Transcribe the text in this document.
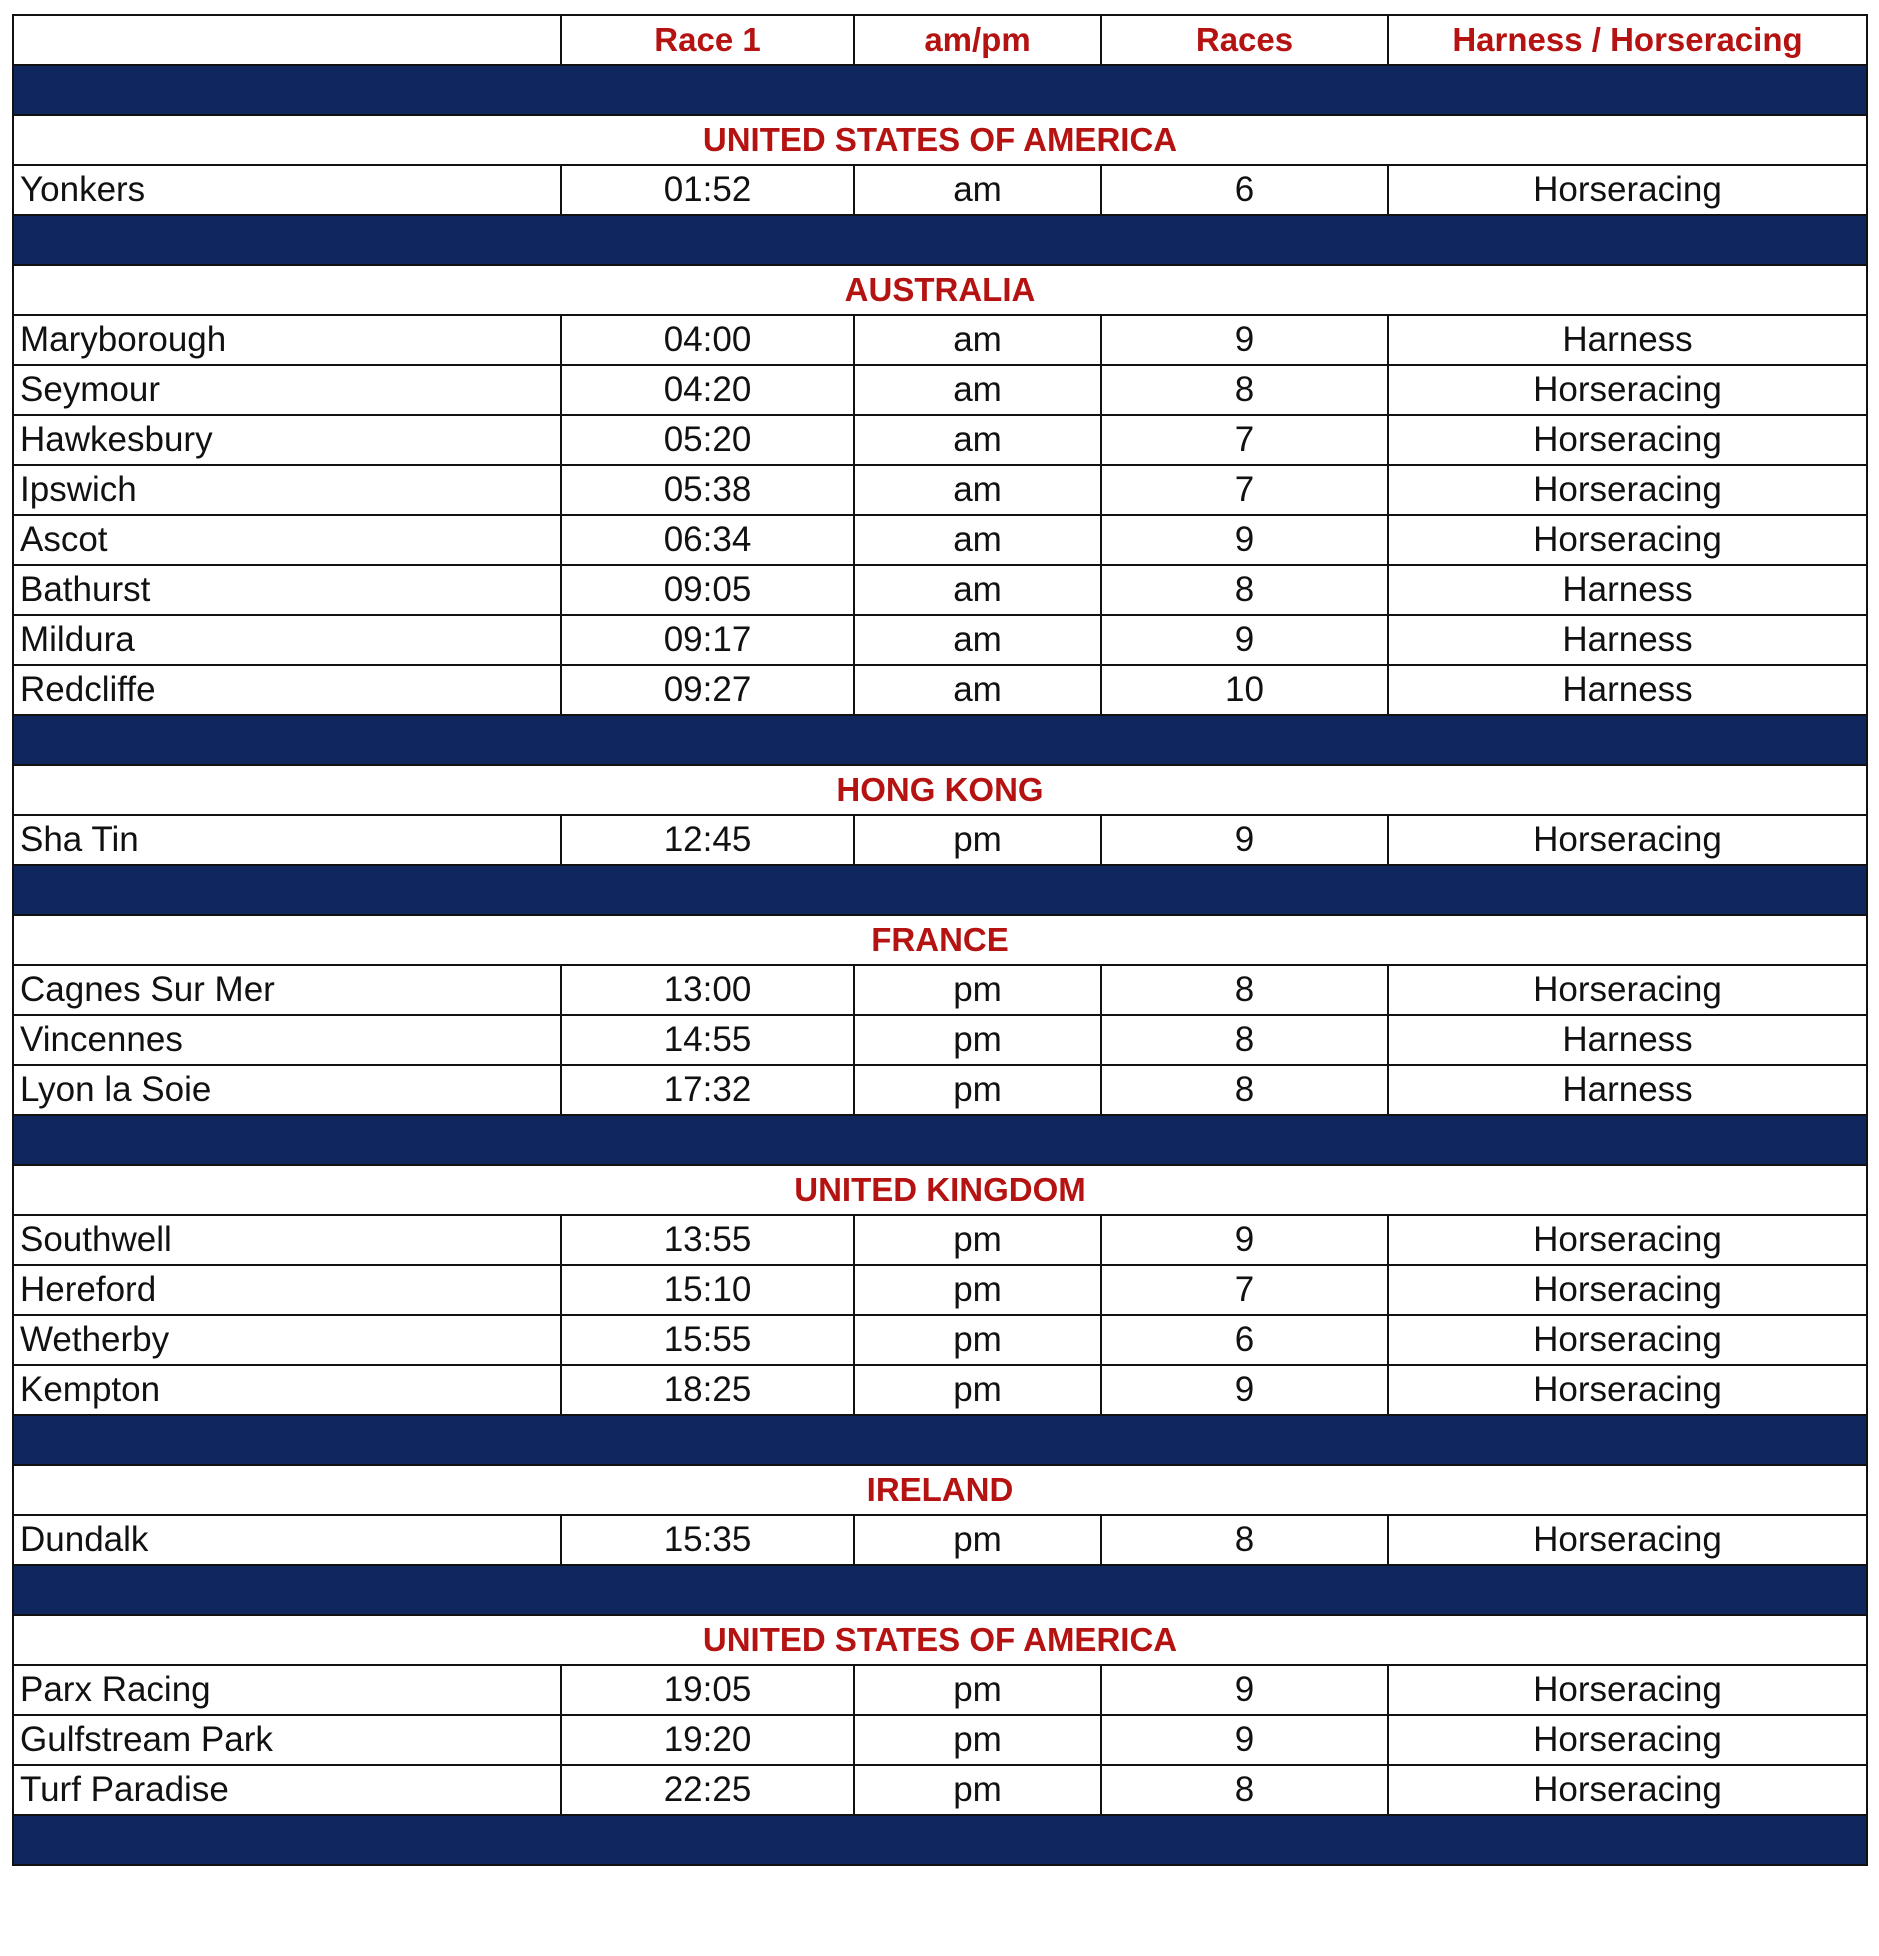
	Race 1	am/pm	Races	Harness / Horseracing

UNITED STATES OF AMERICA				
Yonkers	01:52	am	6	Horseracing

AUSTRALIA				
Maryborough	04:00	am	9	Harness
Seymour	04:20	am	8	Horseracing
Hawkesbury	05:20	am	7	Horseracing
Ipswich	05:38	am	7	Horseracing
Ascot	06:34	am	9	Horseracing
Bathurst	09:05	am	8	Harness
Mildura	09:17	am	9	Harness
Redcliffe	09:27	am	10	Harness

HONG KONG				
Sha Tin	12:45	pm	9	Horseracing

FRANCE				
Cagnes Sur Mer	13:00	pm	8	Horseracing
Vincennes	14:55	pm	8	Harness
Lyon la Soie	17:32	pm	8	Harness

UNITED KINGDOM				
Southwell	13:55	pm	9	Horseracing
Hereford	15:10	pm	7	Horseracing
Wetherby	15:55	pm	6	Horseracing
Kempton	18:25	pm	9	Horseracing

IRELAND				
Dundalk	15:35	pm	8	Horseracing

UNITED STATES OF AMERICA				
Parx Racing	19:05	pm	9	Horseracing
Gulfstream Park	19:20	pm	9	Horseracing
Turf Paradise	22:25	pm	8	Horseracing
